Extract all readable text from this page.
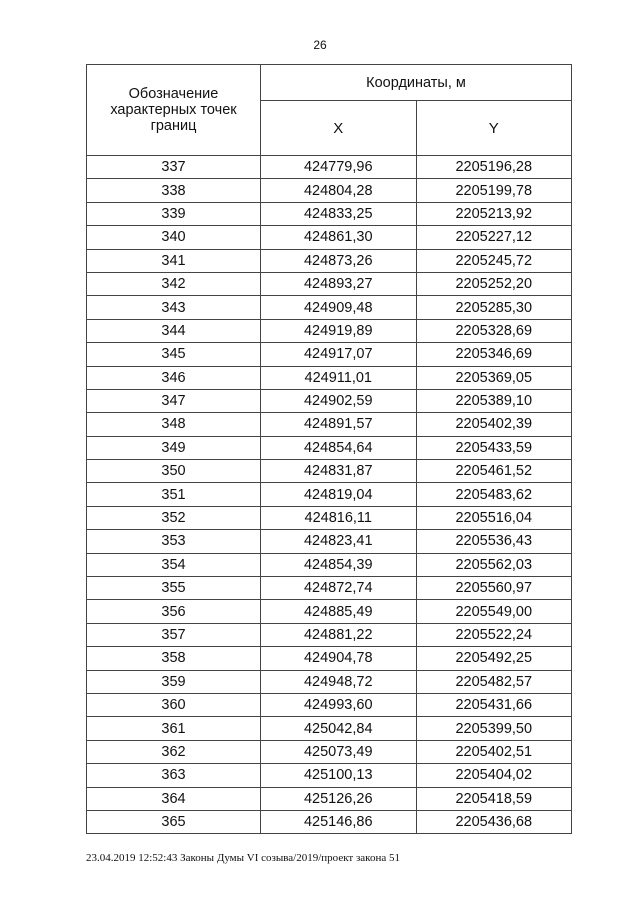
26
Обозначение характерных точек границ	Координаты, м	
	X	Y
337	424779,96	2205196,28
338	424804,28	2205199,78
339	424833,25	2205213,92
340	424861,30	2205227,12
341	424873,26	2205245,72
342	424893,27	2205252,20
343	424909,48	2205285,30
344	424919,89	2205328,69
345	424917,07	2205346,69
346	424911,01	2205369,05
347	424902,59	2205389,10
348	424891,57	2205402,39
349	424854,64	2205433,59
350	424831,87	2205461,52
351	424819,04	2205483,62
352	424816,11	2205516,04
353	424823,41	2205536,43
354	424854,39	2205562,03
355	424872,74	2205560,97
356	424885,49	2205549,00
357	424881,22	2205522,24
358	424904,78	2205492,25
359	424948,72	2205482,57
360	424993,60	2205431,66
361	425042,84	2205399,50
362	425073,49	2205402,51
363	425100,13	2205404,02
364	425126,26	2205418,59
365	425146,86	2205436,68
23.04.2019 12:52:43 Законы Думы VI созыва/2019/проект закона 51
